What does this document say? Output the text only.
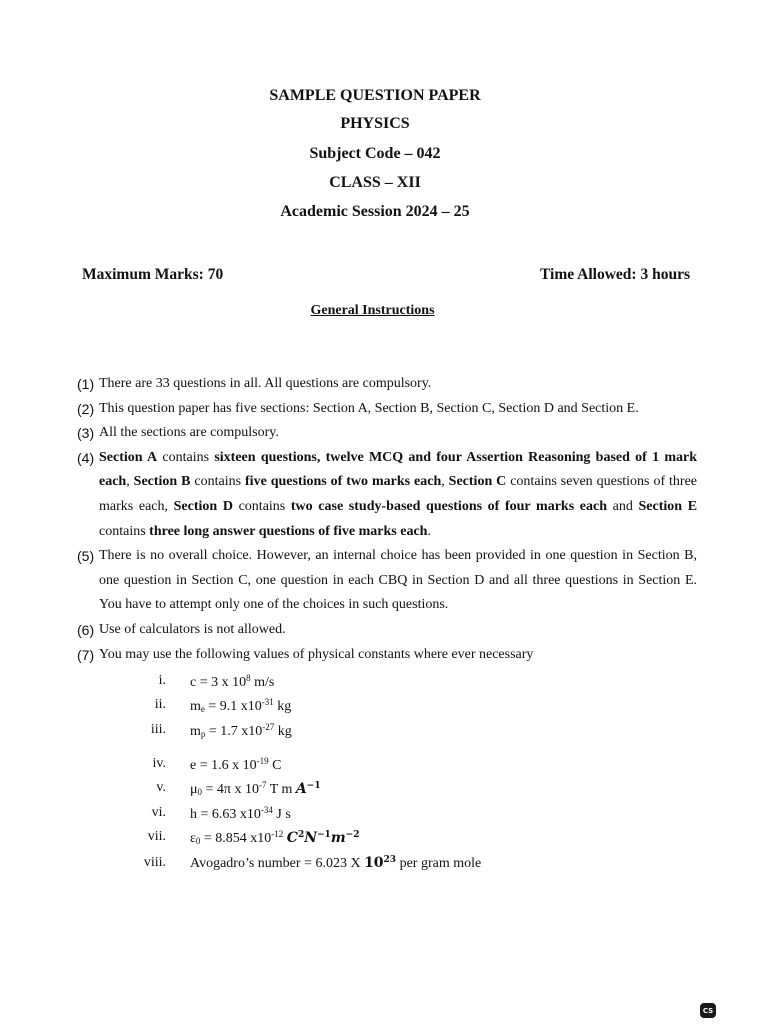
SAMPLE QUESTION PAPER
PHYSICS
Subject Code – 042
CLASS – XII
Academic Session 2024 – 25
Maximum Marks: 70	Time Allowed: 3 hours
General Instructions
(1) There are 33 questions in all. All questions are compulsory.
(2) This question paper has five sections: Section A, Section B, Section C, Section D and Section E.
(3) All the sections are compulsory.
(4) Section A contains sixteen questions, twelve MCQ and four Assertion Reasoning based of 1 mark each, Section B contains five questions of two marks each, Section C contains seven questions of three marks each, Section D contains two case study-based questions of four marks each and Section E contains three long answer questions of five marks each.
(5) There is no overall choice. However, an internal choice has been provided in one question in Section B, one question in Section C, one question in each CBQ in Section D and all three questions in Section E. You have to attempt only one of the choices in such questions.
(6) Use of calculators is not allowed.
(7) You may use the following values of physical constants where ever necessary
i.	c = 3 x $10^8$ m/s
ii.	$m_e = 9.1$ $x10^{-31}$ kg
iii.	$m_p = 1.7$ $x10^{-27}$ kg
iv.	e = 1.6 x $10^{-19}$ C
v.	$\mu_0 = 4\pi$ x $10^{-7}$ T m $A^{-1}$
vi.	h = 6.63 $x10^{-34}$ J s
vii.	$\varepsilon_0 = 8.854$ $x10^{-12}$ $C^2N^{-1}m^{-2}$
viii.	Avogadro’s number = 6.023 X $10^{23}$ per gram mole
CS
